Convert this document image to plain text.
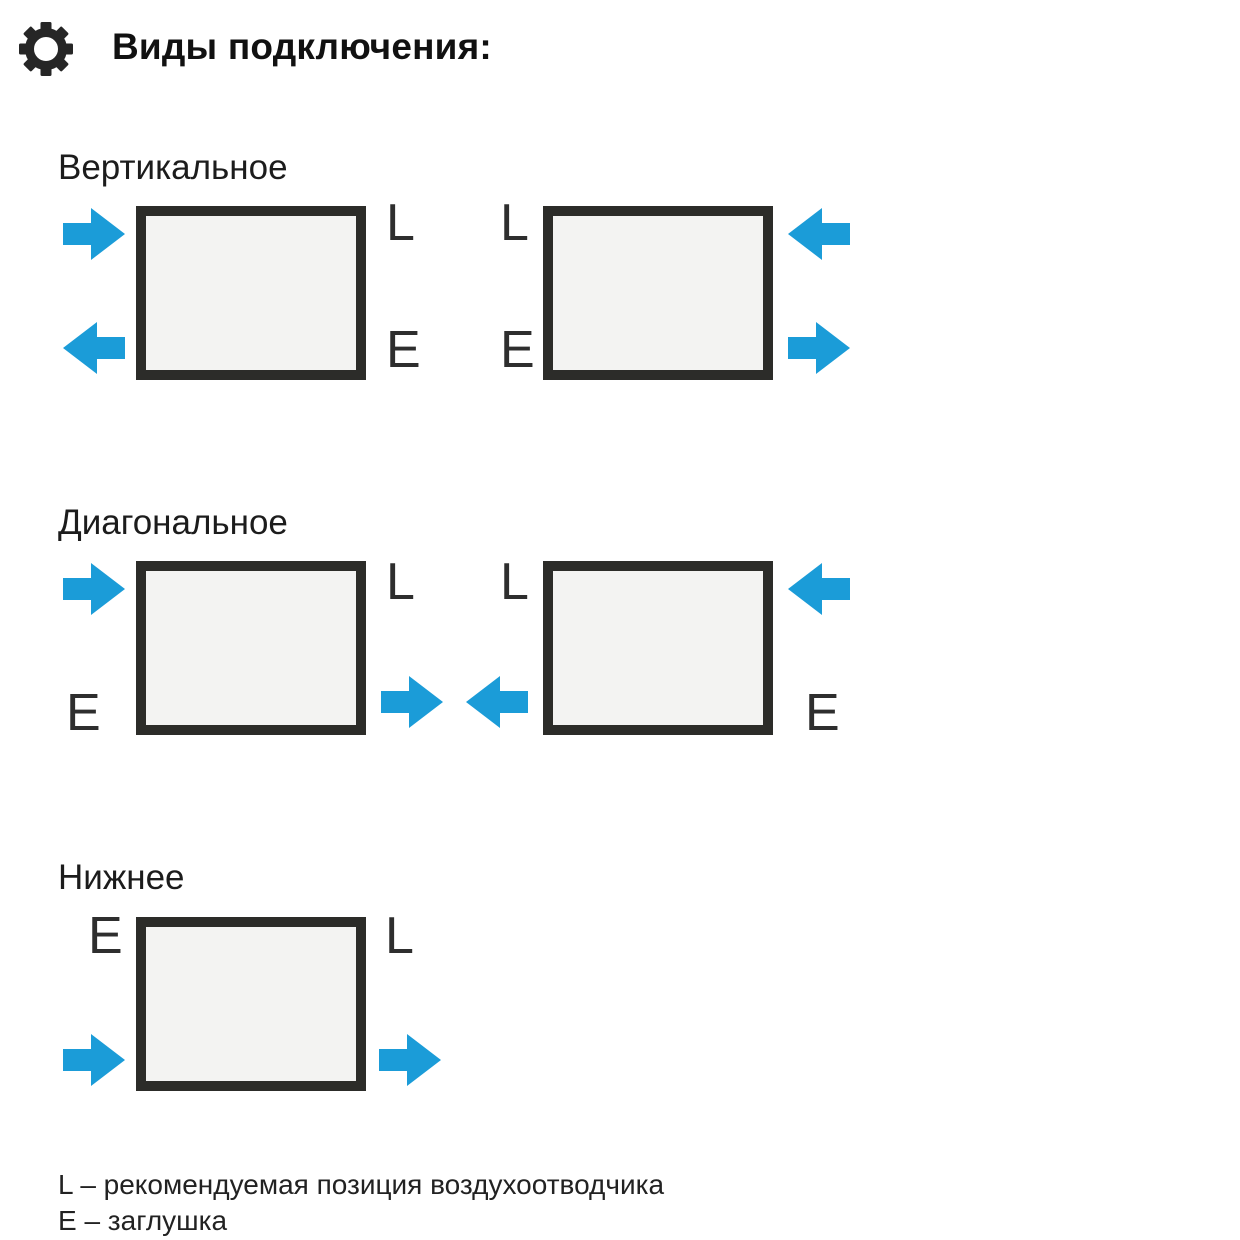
Виды подключения:
Вертикальное
L
E
L
E
Диагональное
L
E
L
E
Нижнее
E	L

L – рекомендуемая позиция воздухоотводчика

E – заглушка
